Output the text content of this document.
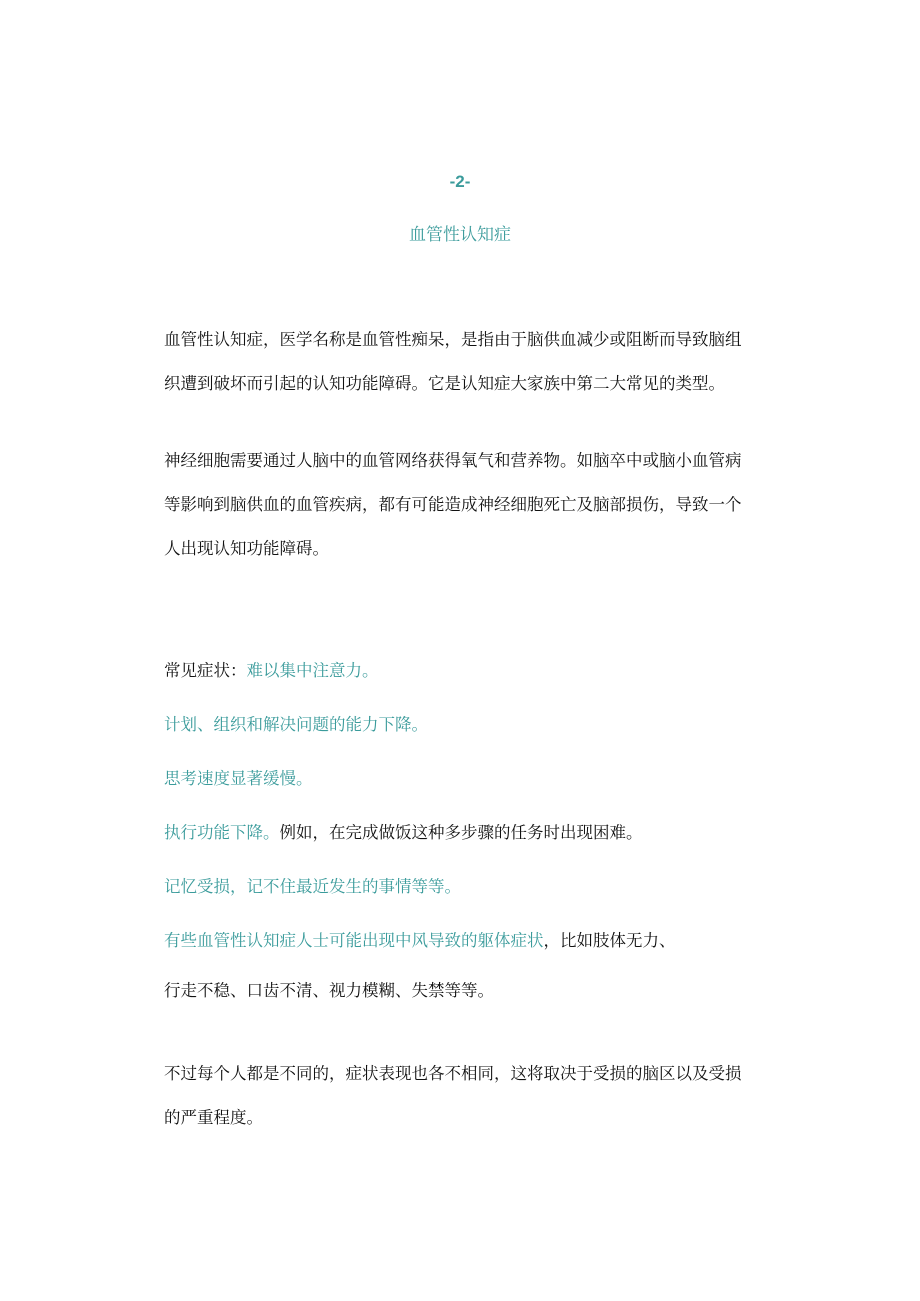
-2-
血管性认知症
血管性认知症，医学名称是血管性痴呆，是指由于脑供血减少或阻断而导致脑组织遭到破坏而引起的认知功能障碍。它是认知症大家族中第二大常见的类型。
神经细胞需要通过人脑中的血管网络获得氧气和营养物。如脑卒中或脑小血管病等影响到脑供血的血管疾病，都有可能造成神经细胞死亡及脑部损伤，导致一个人出现认知功能障碍。
常见症状：难以集中注意力。
计划、组织和解决问题的能力下降。
思考速度显著缓慢。
执行功能下降。例如，在完成做饭这种多步骤的任务时出现困难。
记忆受损，记不住最近发生的事情等等。
有些血管性认知症人士可能出现中风导致的躯体症状，比如肢体无力、
行走不稳、口齿不清、视力模糊、失禁等等。
不过每个人都是不同的，症状表现也各不相同，这将取决于受损的脑区以及受损的严重程度。
